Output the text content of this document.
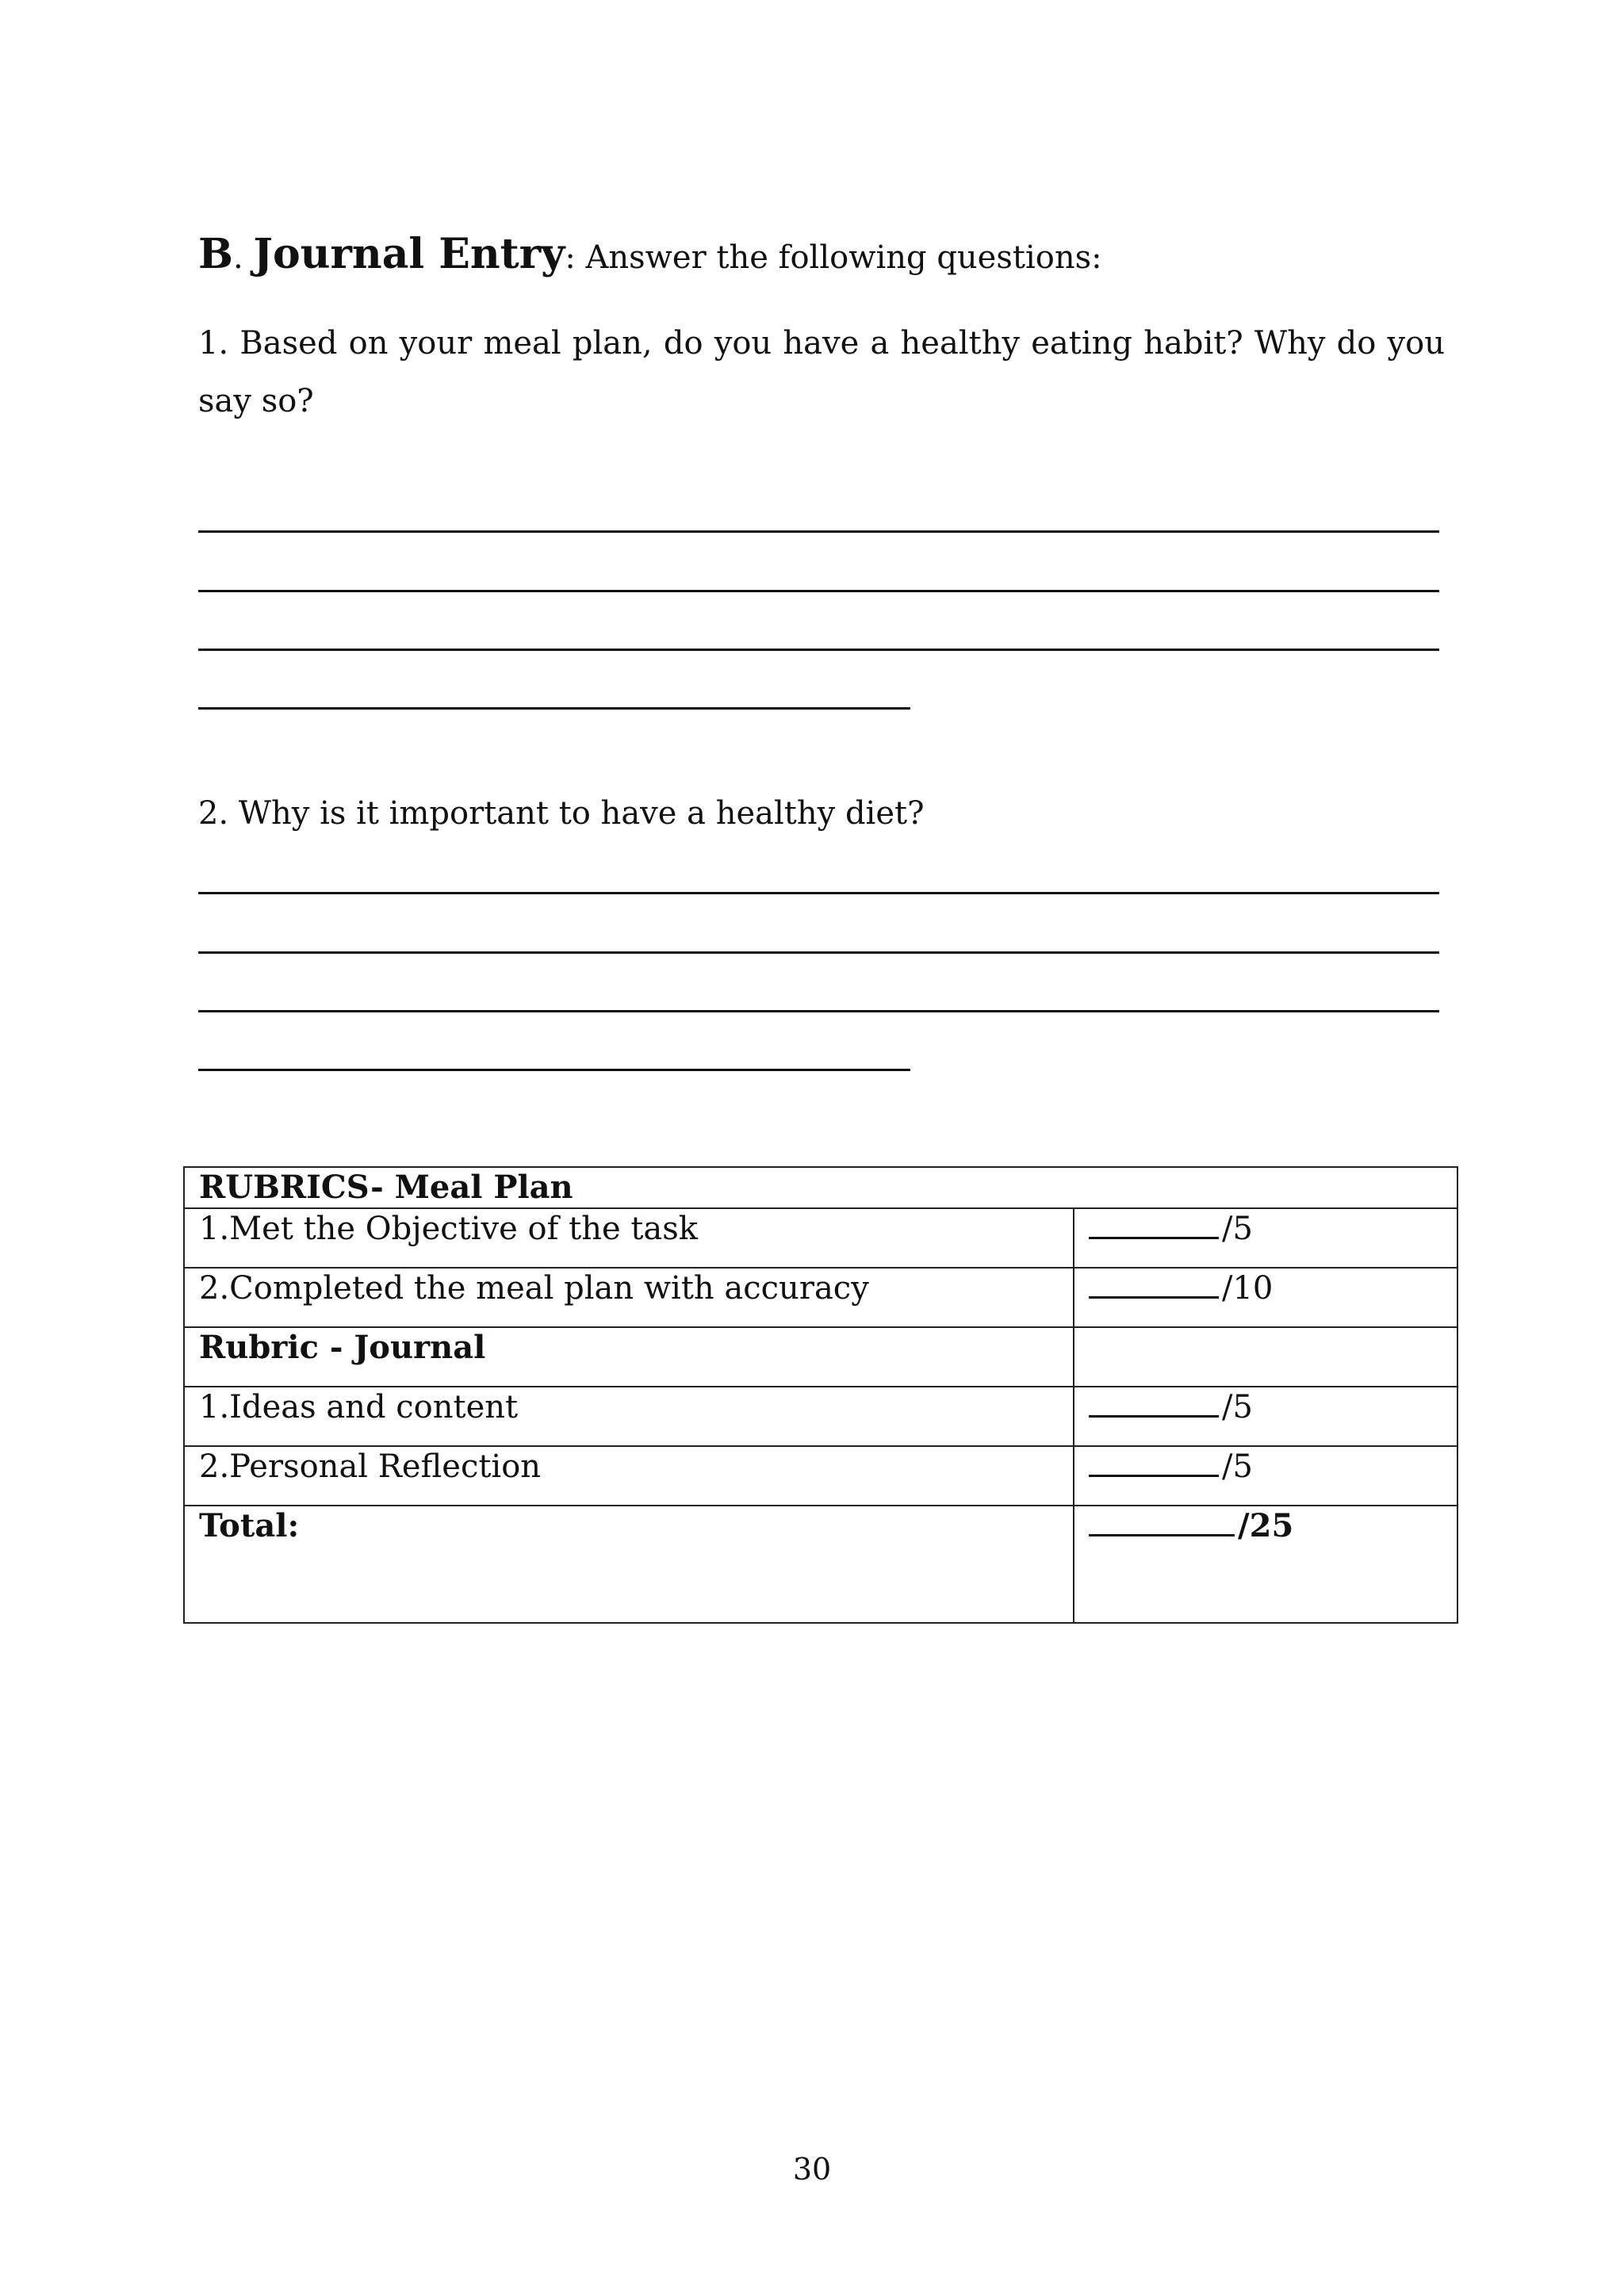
B. Journal Entry: Answer the following questions:
1. Based on your meal plan, do you have a healthy eating habit? Why do you say so?
2. Why is it important to have a healthy diet?
RUBRICS- Meal Plan	
1.Met the Objective of the task	/5
2.Completed the meal plan with accuracy	/10
Rubric - Journal	
1.Ideas and content	/5
2.Personal Reflection	/5
Total:	/25
30
